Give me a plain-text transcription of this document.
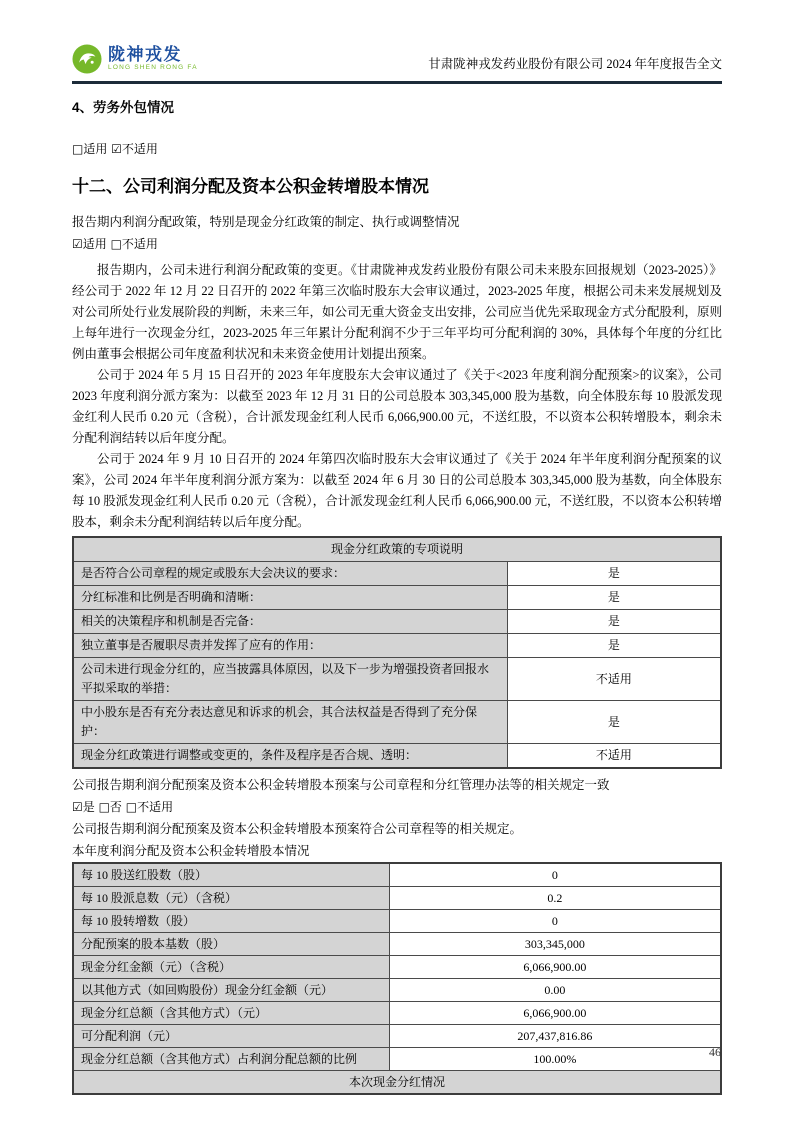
陇神戎发
LONG SHEN RONG FA	甘肃陇神戎发药业股份有限公司 2024 年年度报告全文

4、劳务外包情况

□适用 ☑不适用

十二、公司利润分配及资本公积金转增股本情况

报告期内利润分配政策，特别是现金分红政策的制定、执行或调整情况

☑适用 □不适用

报告期内，公司未进行利润分配政策的变更。《甘肃陇神戎发药业股份有限公司未来股东回报规划（2023-2025）》经公司于 2022 年 12 月 22 日召开的 2022 年第三次临时股东大会审议通过，2023-2025 年度，根据公司未来发展规划及对公司所处行业发展阶段的判断，未来三年，如公司无重大资金支出安排，公司应当优先采取现金方式分配股利，原则上每年进行一次现金分红，2023-2025 年三年累计分配利润不少于三年平均可分配利润的 30%，具体每个年度的分红比例由董事会根据公司年度盈利状况和未来资金使用计划提出预案。

公司于 2024 年 5 月 15 日召开的 2023 年年度股东大会审议通过了《关于<2023 年度利润分配预案>的议案》，公司 2023 年度利润分派方案为：以截至 2023 年 12 月 31 日的公司总股本 303,345,000 股为基数，向全体股东每 10 股派发现金红利人民币 0.20 元（含税），合计派发现金红利人民币 6,066,900.00 元，不送红股，不以资本公积转增股本，剩余未分配利润结转以后年度分配。

公司于 2024 年 9 月 10 日召开的 2024 年第四次临时股东大会审议通过了《关于 2024 年半年度利润分配预案的议案》，公司 2024 年半年度利润分派方案为：以截至 2024 年 6 月 30 日的公司总股本 303,345,000 股为基数，向全体股东每 10 股派发现金红利人民币 0.20 元（含税），合计派发现金红利人民币 6,066,900.00 元，不送红股，不以资本公积转增股本，剩余未分配利润结转以后年度分配。

现金分红政策的专项说明	
是否符合公司章程的规定或股东大会决议的要求：	是
分红标准和比例是否明确和清晰：	是
相关的决策程序和机制是否完备：	是
独立董事是否履职尽责并发挥了应有的作用：	是
公司未进行现金分红的，应当披露具体原因，以及下一步为增强投资者回报水平拟采取的举措：	不适用
中小股东是否有充分表达意见和诉求的机会，其合法权益是否得到了充分保护：	是
现金分红政策进行调整或变更的，条件及程序是否合规、透明：	不适用

公司报告期利润分配预案及资本公积金转增股本预案与公司章程和分红管理办法等的相关规定一致

☑是 □否 □不适用

公司报告期利润分配预案及资本公积金转增股本预案符合公司章程等的相关规定。

本年度利润分配及资本公积金转增股本情况

每 10 股送红股数（股）	0
每 10 股派息数（元）（含税）	0.2
每 10 股转增数（股）	0
分配预案的股本基数（股）	303,345,000
现金分红金额（元）（含税）	6,066,900.00
以其他方式（如回购股份）现金分红金额（元）	0.00
现金分红总额（含其他方式）（元）	6,066,900.00
可分配利润（元）	207,437,816.86
现金分红总额（含其他方式）占利润分配总额的比例	100.00%
本次现金分红情况	
46
